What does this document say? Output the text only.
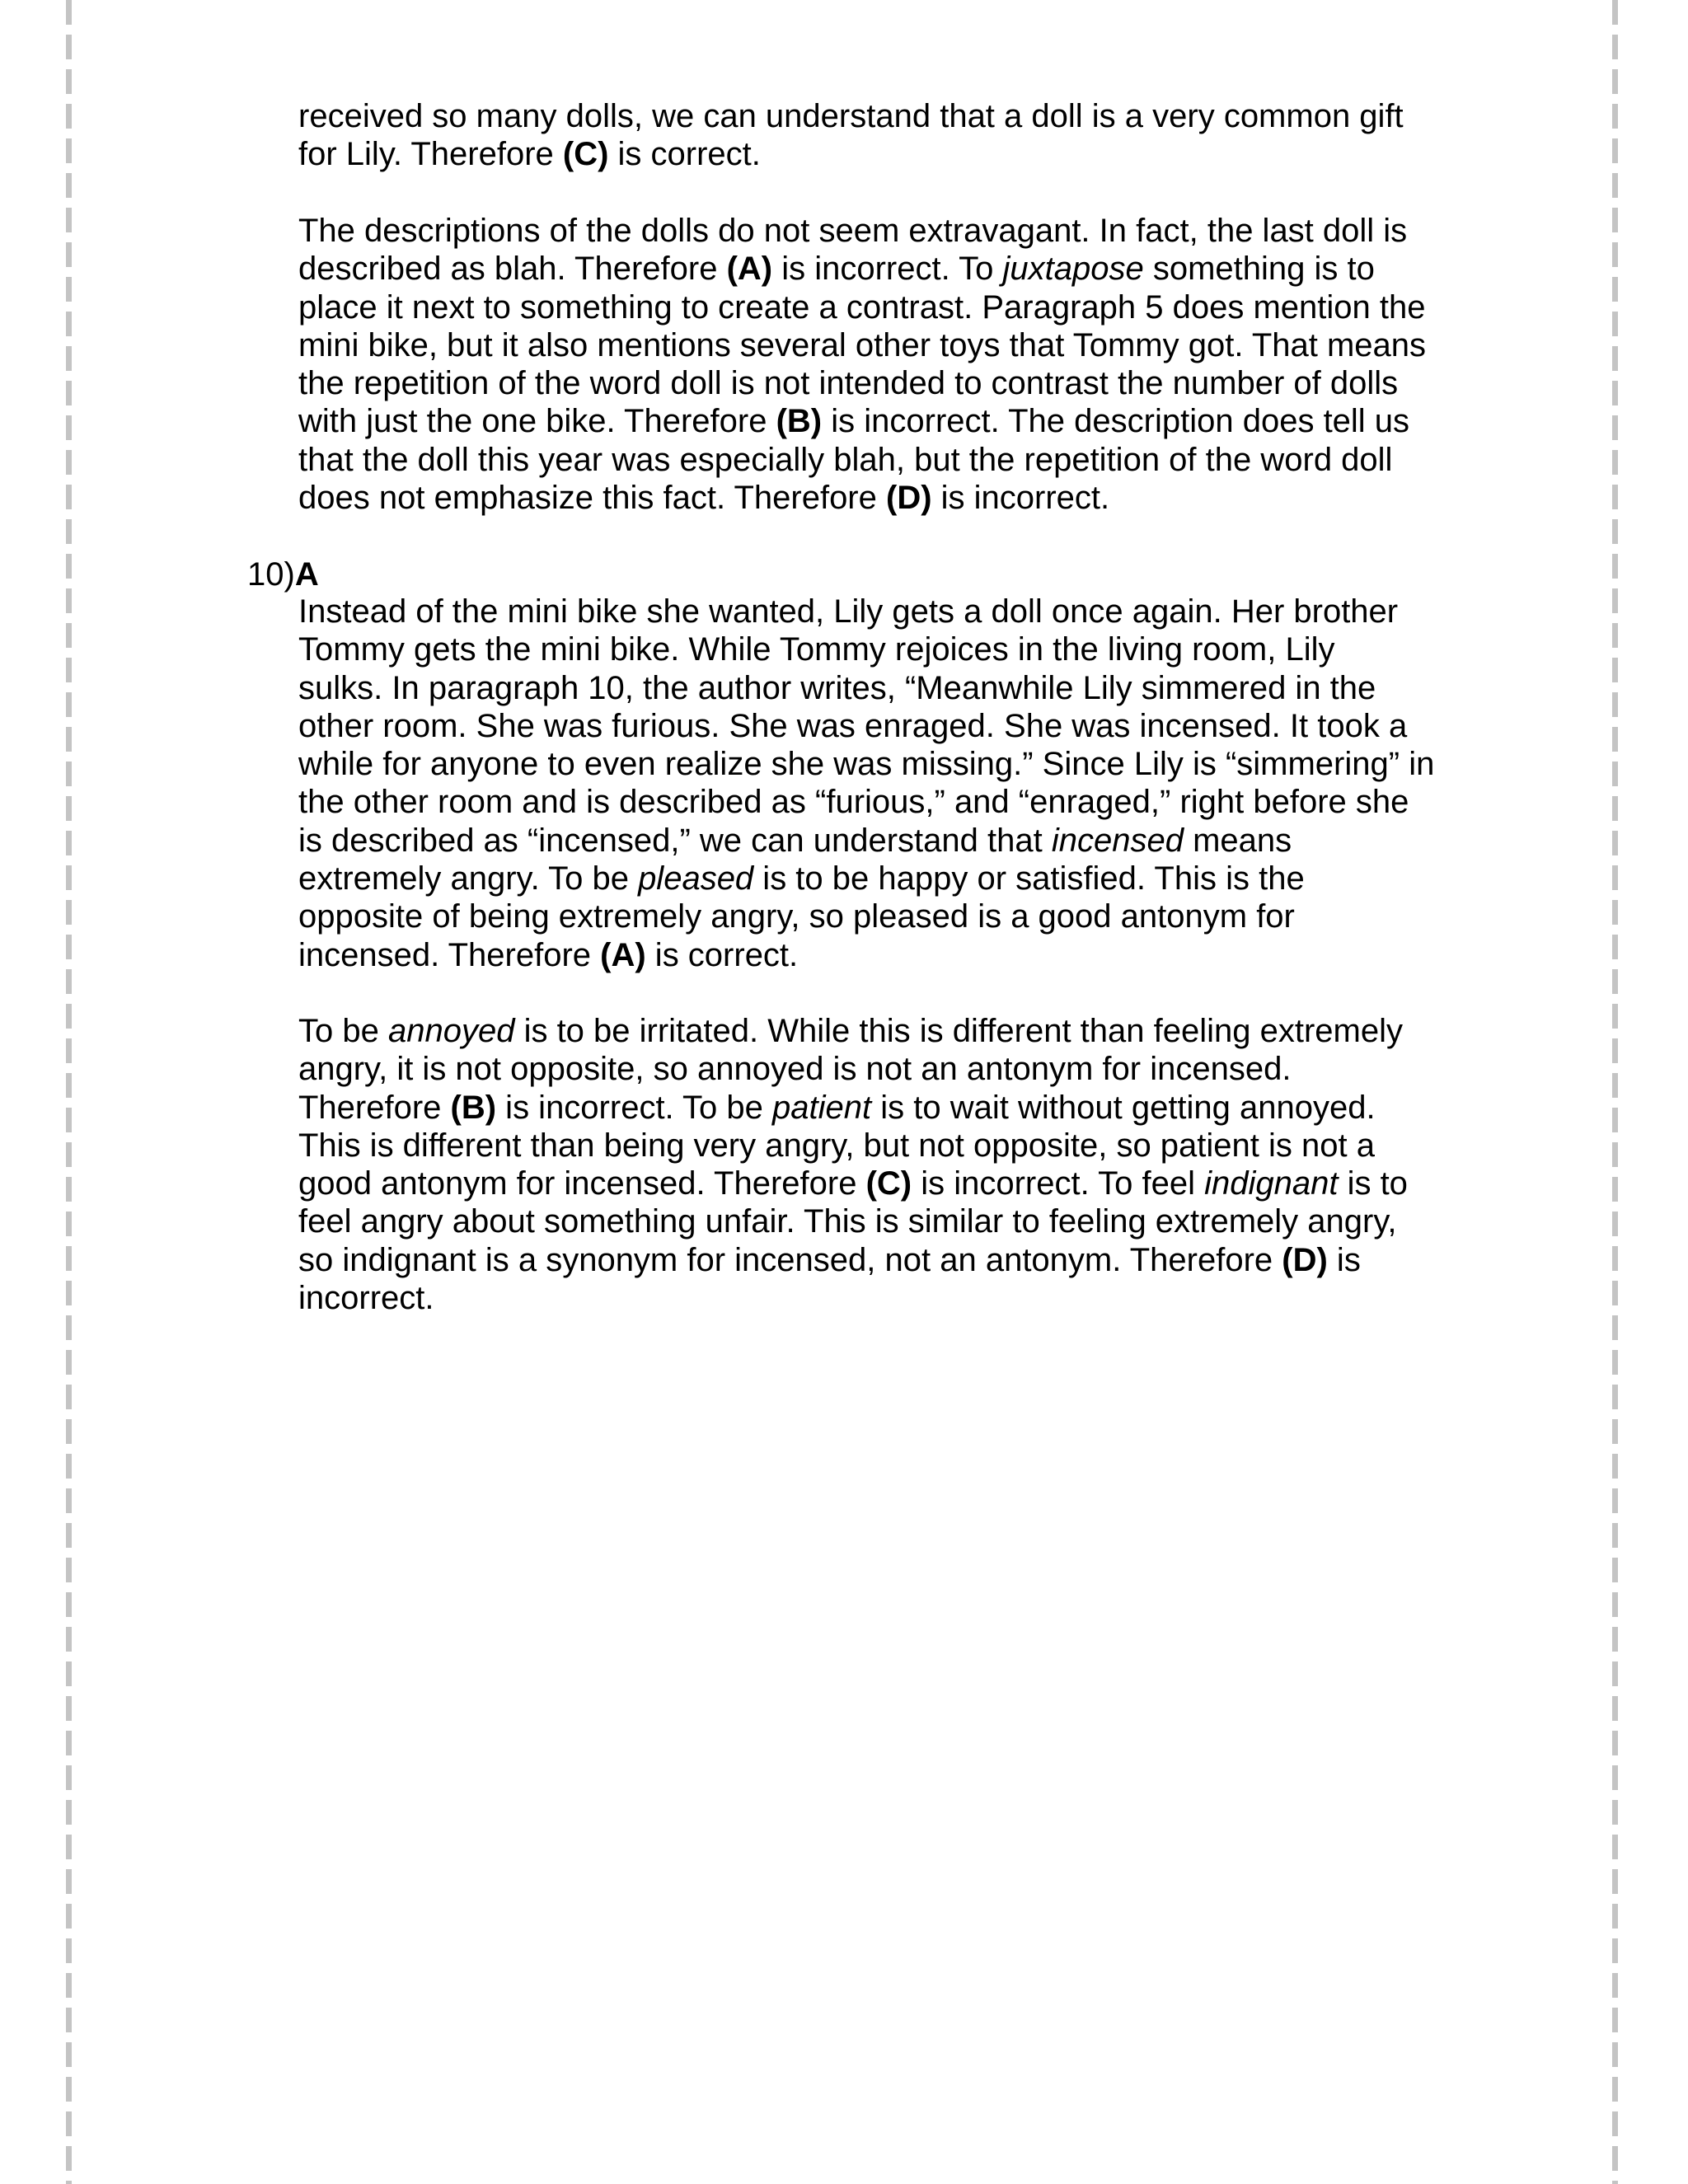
received so many dolls, we can understand that a doll is a very common gift
for Lily. Therefore (C) is correct.

The descriptions of the dolls do not seem extravagant. In fact, the last doll is
described as blah. Therefore (A) is incorrect. To juxtapose something is to
place it next to something to create a contrast. Paragraph 5 does mention the
mini bike, but it also mentions several other toys that Tommy got. That means
the repetition of the word doll is not intended to contrast the number of dolls
with just the one bike. Therefore (B) is incorrect. The description does tell us
that the doll this year was especially blah, but the repetition of the word doll
does not emphasize this fact. Therefore (D) is incorrect.

10)A

Instead of the mini bike she wanted, Lily gets a doll once again. Her brother
Tommy gets the mini bike. While Tommy rejoices in the living room, Lily
sulks. In paragraph 10, the author writes, “Meanwhile Lily simmered in the
other room. She was furious. She was enraged. She was incensed. It took a
while for anyone to even realize she was missing.” Since Lily is “simmering” in
the other room and is described as “furious,” and “enraged,” right before she
is described as “incensed,” we can understand that incensed means
extremely angry. To be pleased is to be happy or satisfied. This is the
opposite of being extremely angry, so pleased is a good antonym for
incensed. Therefore (A) is correct.

To be annoyed is to be irritated. While this is different than feeling extremely
angry, it is not opposite, so annoyed is not an antonym for incensed.
Therefore (B) is incorrect. To be patient is to wait without getting annoyed.
This is different than being very angry, but not opposite, so patient is not a
good antonym for incensed. Therefore (C) is incorrect. To feel indignant is to
feel angry about something unfair. This is similar to feeling extremely angry,
so indignant is a synonym for incensed, not an antonym. Therefore (D) is
incorrect.
